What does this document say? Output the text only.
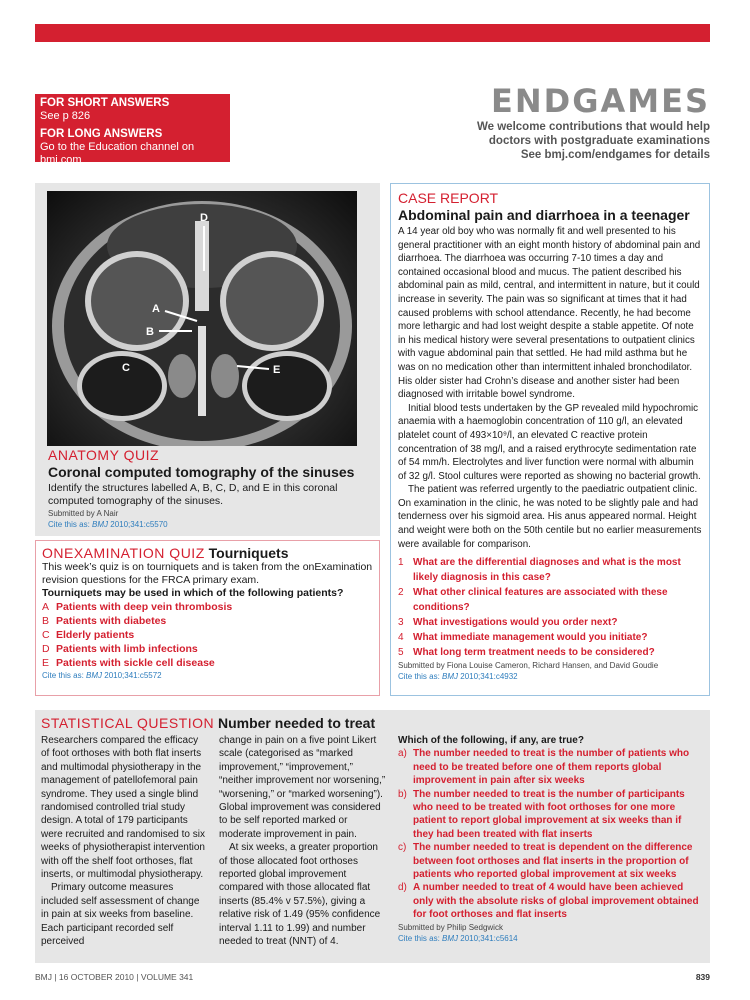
FOR SHORT ANSWERS
See p 826
FOR LONG ANSWERS
Go to the Education channel on bmj.com
ENDGAMES
We welcome contributions that would help
doctors with postgraduate examinations
See bmj.com/endgames for details
D
A
B
C	E
ANATOMY QUIZ
Coronal computed tomography of the sinuses
Identify the structures labelled A, B, C, D, and E in this coronal computed tomography of the sinuses.
Submitted by A Nair
Cite this as: BMJ 2010;341:c5570
ONEXAMINATION QUIZ Tourniquets
This week’s quiz is on tourniquets and is taken from the onExamination revision questions for the FRCA primary exam.
Tourniquets may be used in which of the following patients?
A Patients with deep vein thrombosis
B Patients with diabetes
C Elderly patients
D Patients with limb infections
E Patients with sickle cell disease
Cite this as: BMJ 2010;341:c5572
CASE REPORT
Abdominal pain and diarrhoea in a teenager
A 14 year old boy who was normally fit and well presented to his general practitioner with an eight month history of abdominal pain and diarrhoea. The diarrhoea was occurring 7-10 times a day and contained occasional blood and mucus. The patient described his abdominal pain as mild, central, and intermittent in nature, but it could increase in severity. The pain was so significant at times that it had caused problems with school attendance. Recently, he had become more lethargic and had lost weight despite a stable appetite. Of note in his medical history were several presentations to outpatient clinics with vague abdominal pain that settled. He had mild asthma but he was on no medication other than intermittent inhaled bronchodilator. His older sister had Crohn’s disease and another sister had been diagnosed with irritable bowel syndrome.
Initial blood tests undertaken by the GP revealed mild hypochromic anaemia with a haemoglobin concentration of 110 g/l, an elevated platelet count of 493×10⁹/l, an elevated C reactive protein concentration of 38 mg/l, and a raised erythrocyte sedimentation rate of 54 mm/h. Electrolytes and liver function were normal with albumin of 32 g/l. Stool cultures were reported as showing no bacterial growth.
The patient was referred urgently to the paediatric outpatient clinic. On examination in the clinic, he was noted to be slightly pale and had tenderness over his sigmoid area. His anus appeared normal. Height and weight were both on the 50th centile but no earlier measurements were available for comparison.
1 What are the differential diagnoses and what is the most likely diagnosis in this case?
2 What other clinical features are associated with these conditions?
3 What investigations would you order next?
4 What immediate management would you initiate?
5 What long term treatment needs to be considered?
Submitted by Fiona Louise Cameron, Richard Hansen, and David Goudie
Cite this as: BMJ 2010;341:c4932
STATISTICAL QUESTION Number needed to treat
Researchers compared the efficacy of foot orthoses with both flat inserts and multimodal physiotherapy in the management of patellofemoral pain syndrome. They used a single blind randomised controlled trial study design. A total of 179 participants were recruited and randomised to six weeks of physiotherapist intervention with off the shelf foot orthoses, flat inserts, or multimodal physiotherapy.
Primary outcome measures included self assessment of change in pain at six weeks from baseline. Each participant recorded self perceived
change in pain on a five point Likert scale (categorised as “marked improvement,” “improvement,” “neither improvement nor worsening,” “worsening,” or “marked worsening”). Global improvement was considered to be self reported marked or moderate improvement in pain.
At six weeks, a greater proportion of those allocated foot orthoses reported global improvement compared with those allocated flat inserts (85.4% v 57.5%), giving a relative risk of 1.49 (95% confidence interval 1.11 to 1.99) and number needed to treat (NNT) of 4.
Which of the following, if any, are true?
a) The number needed to treat is the number of patients who need to be treated before one of them reports global improvement in pain after six weeks
b) The number needed to treat is the number of participants who need to be treated with foot orthoses for one more patient to report global improvement at six weeks than if they had been treated with flat inserts
c) The number needed to treat is dependent on the difference between foot orthoses and flat inserts in the proportion of patients who reported global improvement at six weeks
d) A number needed to treat of 4 would have been achieved only with the absolute risks of global improvement obtained for foot orthoses and flat inserts
Submitted by Philip Sedgwick
Cite this as: BMJ 2010;341:c5614
BMJ | 16 OCTOBER 2010 | VOLUME 341	839
